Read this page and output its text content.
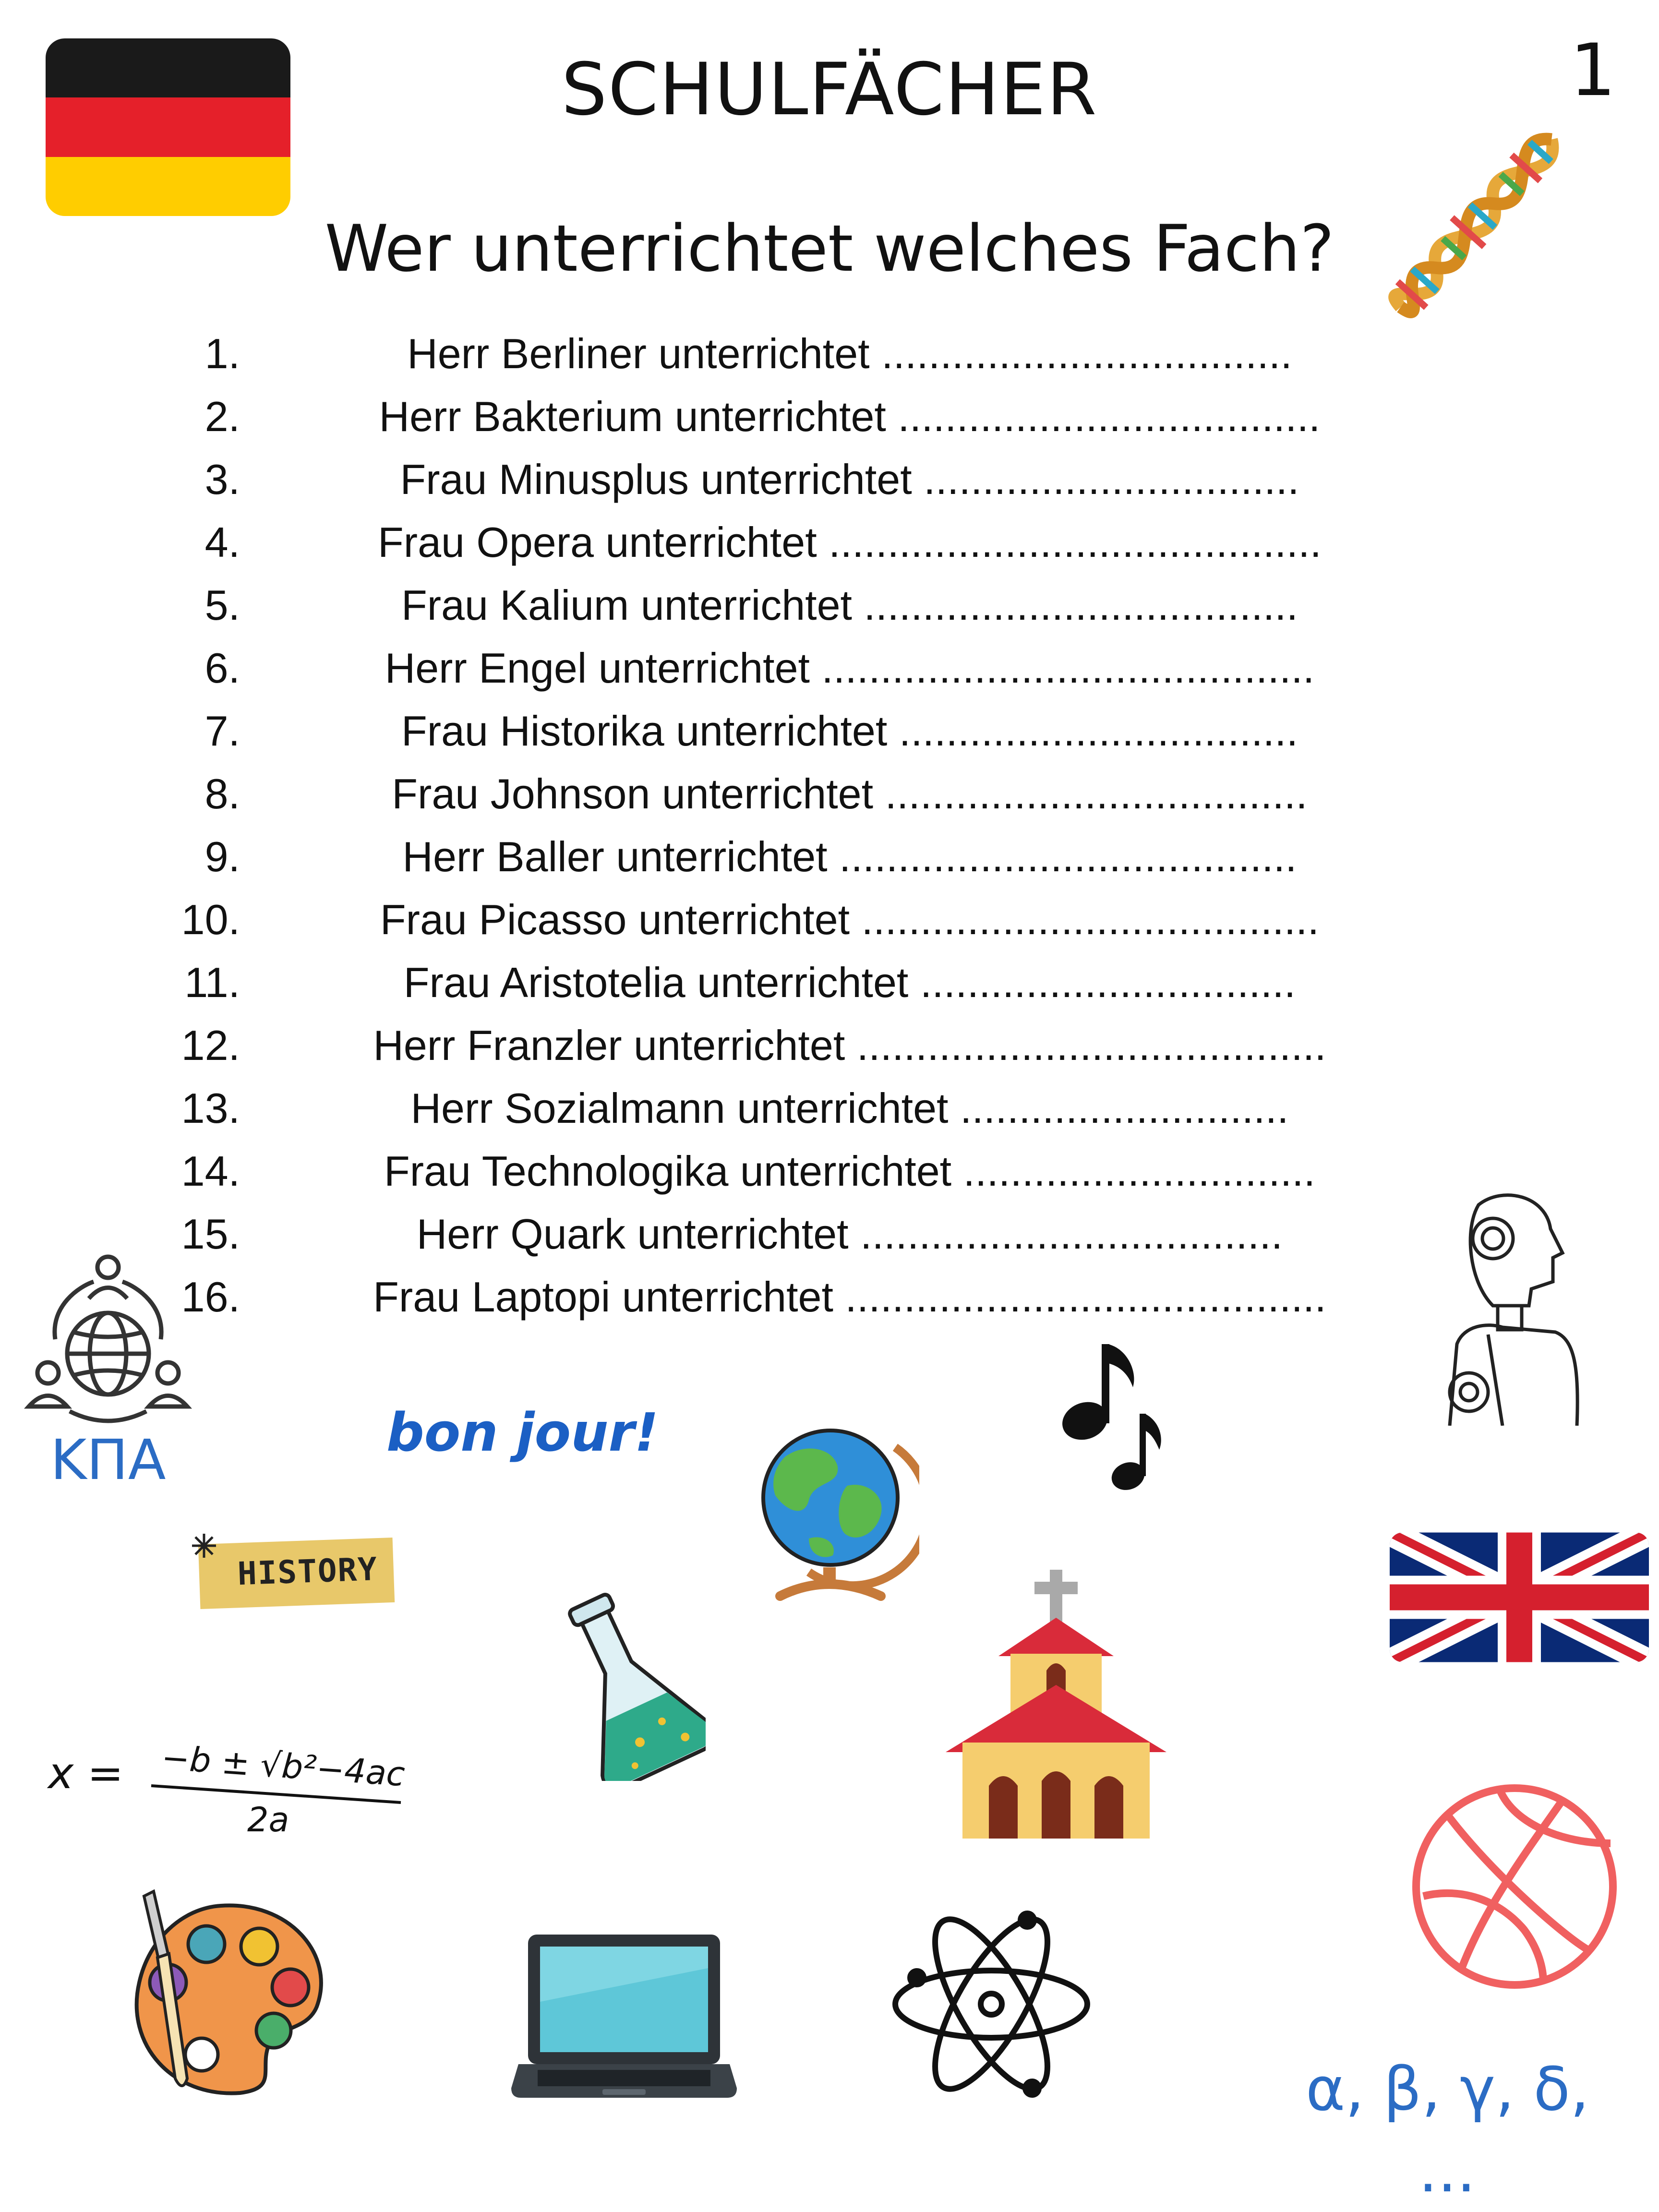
SCHULFÄCHER	1
Wer unterrichtet welches Fach?
1.	Herr Berliner unterrichtet ...................................
2.	Herr Bakterium unterrichtet ....................................
3.	Frau Minusplus unterrichtet ................................
4.	Frau Opera unterrichtet ..........................................
5.	Frau Kalium unterrichtet .....................................
6.	Herr Engel unterrichtet ..........................................
7.	Frau Historika unterrichtet ..................................
8.	Frau Johnson unterrichtet ....................................
9.	Herr Baller unterrichtet .......................................
10.	Frau Picasso unterrichtet .......................................
11.	Frau Aristotelia unterrichtet ................................
12.	Herr Franzler unterrichtet ........................................
13.	Herr Sozialmann unterrichtet ............................
14.	Frau Technologika unterrichtet ..............................
15.	Herr Quark unterrichtet ....................................
16.	Frau Laptopi unterrichtet .........................................
ΚΠΑ	bon jour!
HISTORY
x = −b ± √b²−4ac
2a
α, β, γ, δ,
...
